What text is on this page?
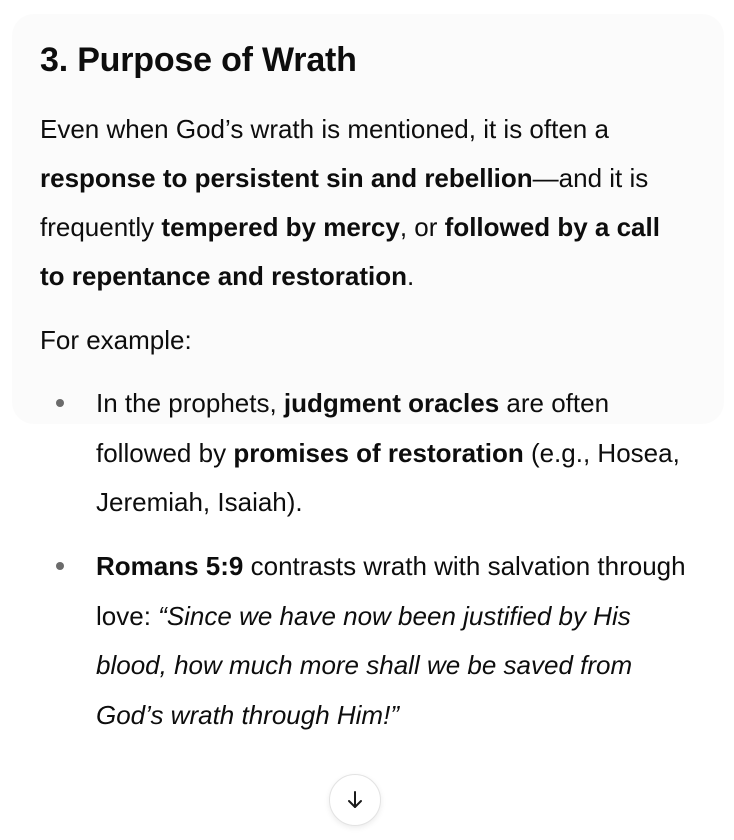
3. Purpose of Wrath

Even when God’s wrath is mentioned, it is often a response to persistent sin and rebellion—and it is frequently tempered by mercy, or followed by a call to repentance and restoration.

For example:

In the prophets, judgment oracles are often followed by promises of restoration (e.g., Hosea, Jeremiah, Isaiah).
Romans 5:9 contrasts wrath with salvation through love: “Since we have now been justified by His blood, how much more shall we be saved from God’s wrath through Him!”
